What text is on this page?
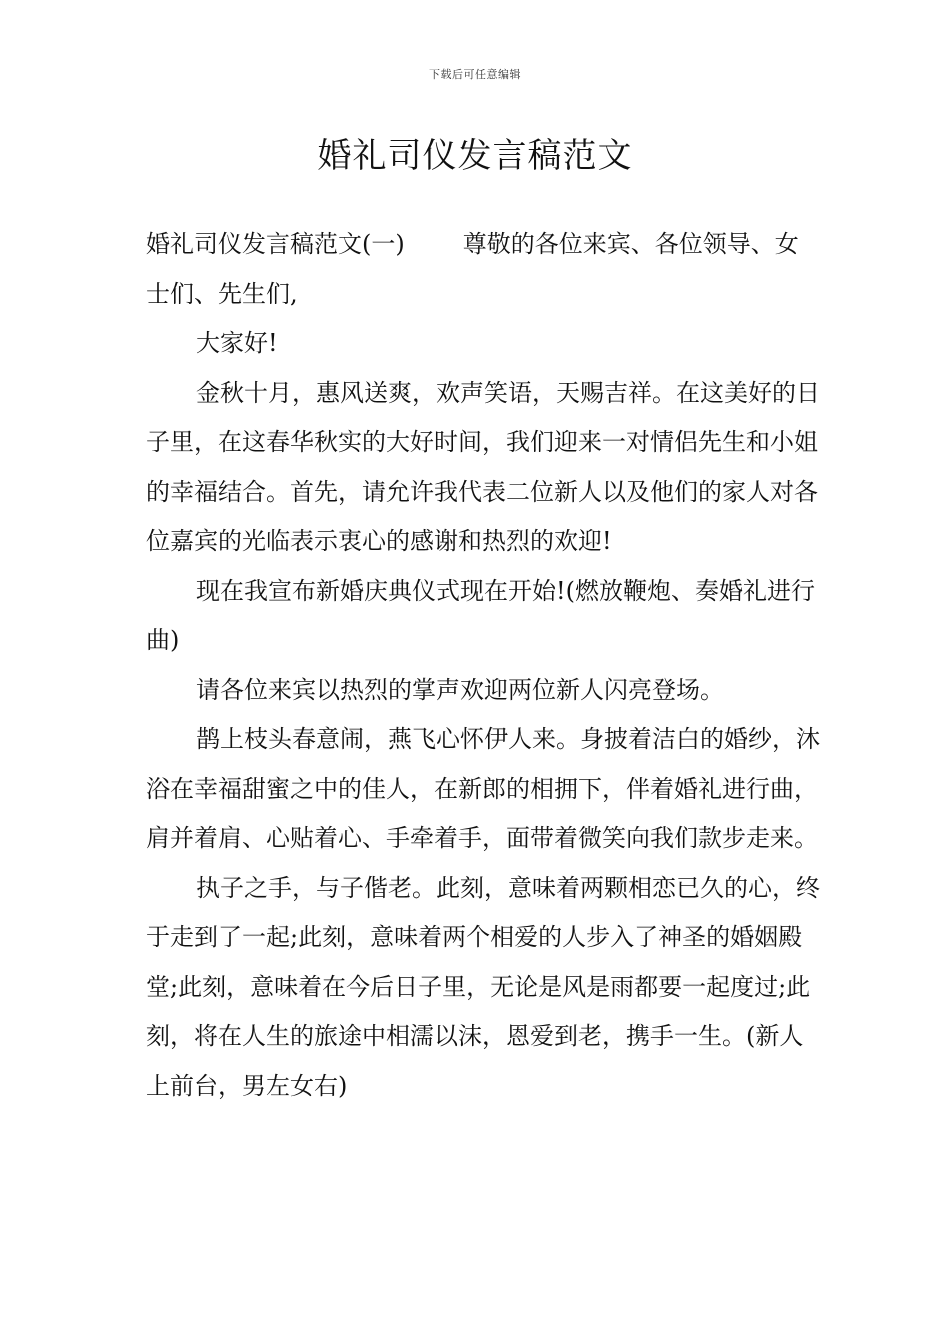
下载后可任意编辑
婚礼司仪发言稿范文

婚礼司仪发言稿范文(一) 尊敬的各位来宾、各位领导、女士们、先生们,

大家好!

金秋十月，惠风送爽，欢声笑语，天赐吉祥。在这美好的日子里，在这春华秋实的大好时间，我们迎来一对情侣先生和小姐的幸福结合。首先，请允许我代表二位新人以及他们的家人对各位嘉宾的光临表示衷心的感谢和热烈的欢迎!

现在我宣布新婚庆典仪式现在开始!(燃放鞭炮、奏婚礼进行曲)

请各位来宾以热烈的掌声欢迎两位新人闪亮登场。

鹊上枝头春意闹，燕飞心怀伊人来。身披着洁白的婚纱，沐浴在幸福甜蜜之中的佳人，在新郎的相拥下，伴着婚礼进行曲，肩并着肩、心贴着心、手牵着手，面带着微笑向我们款步走来。

执子之手，与子偕老。此刻，意味着两颗相恋已久的心，终于走到了一起;此刻，意味着两个相爱的人步入了神圣的婚姻殿堂;此刻，意味着在今后日子里，无论是风是雨都要一起度过;此刻，将在人生的旅途中相濡以沫，恩爱到老，携手一生。(新人上前台，男左女右)
